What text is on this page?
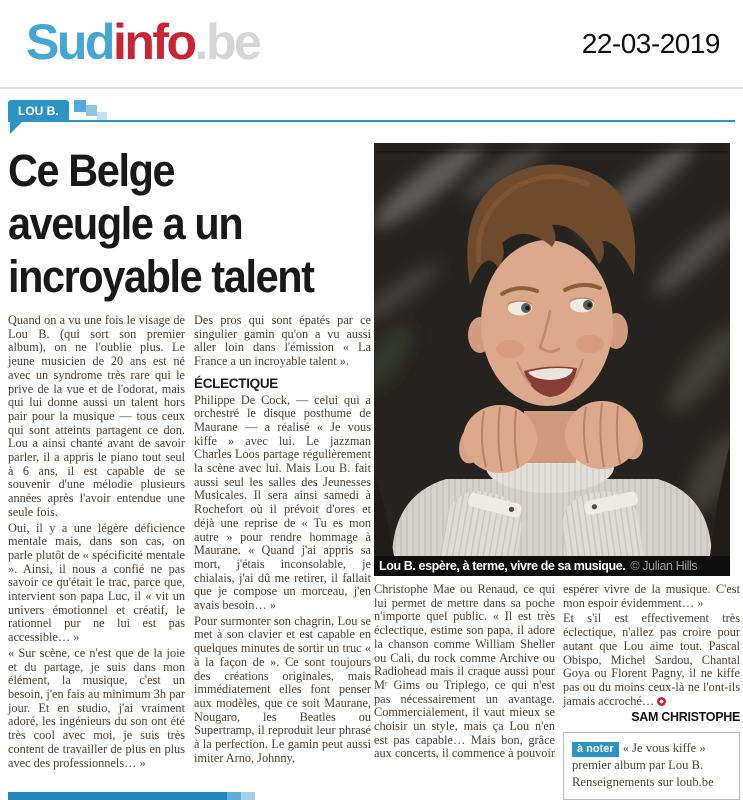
Sudinfo.be	22-03-2019
LOU B.
Ce Belge
aveugle a un
incroyable talent

Quand on a vu une fois le visage de Lou B. (qui sort son premier album), on ne l'oublie plus. Le jeune musicien de 20 ans est né avec un syndrome très rare qui le prive de la vue et de l'odorat, mais qui lui donne aussi un talent hors pair pour la musique — tous ceux qui sont atteints partagent ce don. Lou a ainsi chanté avant de savoir parler, il a appris le piano tout seul à 6 ans, il est capable de se souvenir d'une mélodie plusieurs années après l'avoir entendue une seule fois.

Oui, il y a une légère déficience mentale mais, dans son cas, on parle plutôt de « spécificité mentale ». Ainsi, il nous a confié ne pas savoir ce qu'était le trac, parce que, intervient son papa Luc, il « vit un univers émotionnel et créatif, le rationnel pur ne lui est pas accessible… »

« Sur scène, ce n'est que de la joie et du partage, je suis dans mon élément, la musique, c'est un besoin, j'en fais au minimum 3h par jour. Et en studio, j'ai vraiment adoré, les ingénieurs du son ont été très cool avec moi, je suis très content de travailler de plus en plus avec des professionnels… »

Des pros qui sont épatés par ce singulier gamin qu'on a vu aussi aller loin dans l'émission « La France a un incroyable talent ».

ÉCLECTIQUE

Philippe De Cock, — celui qui a orchestré le disque posthume de Maurane — a réalisé « Je vous kiffe » avec lui. Le jazzman Charles Loos partage régulièrement la scène avec lui. Mais Lou B. fait aussi seul les salles des Jeunesses Musicales. Il sera ainsi samedi à Rochefort où il prévoit d'ores et déjà une reprise de « Tu es mon autre » pour rendre hommage à Maurane. « Quand j'ai appris sa mort, j'étais inconsolable, je chialais, j'ai dû me retirer, il fallait que je compose un morceau, j'en avais besoin… »

Pour surmonter son chagrin, Lou se met à son clavier et est capable en quelques minutes de sortir un truc « à la façon de ». Ce sont toujours des créations originales, mais immédiatement elles font penser aux modèles, que ce soit Maurane, Nougaro, les Beatles ou Supertramp, il reproduit leur phrasé à la perfection. Le gamin peut aussi imiter Arno, Johnny,

Lou B. espère, à terme, vivre de sa musique. © Julian Hills

Christophe Mae ou Renaud, ce qui lui permet de mettre dans sa poche n'importe quel public. « Il est très éclectique, estime son papa, il adore la chanson comme William Sheller ou Cali, du rock comme Archive ou Radiohead mais il craque aussi pour Mʳ Gims ou Triplego, ce qui n'est pas nécessairement un avantage. Commercialement, il vaut mieux se choisir un style, mais ça Lou n'en est pas capable… Mais bon, grâce aux concerts, il commence à pouvoir

espérer vivre de la musique. C'est mon espoir évidemment… »

Et s'il est effectivement très éclectique, n'allez pas croire pour autant que Lou aime tout. Pascal Obispo, Michel Sardou, Chantal Goya ou Florent Pagny, il ne kiffe pas ou du moins ceux-là ne l'ont-ils jamais accroché…

SAM CHRISTOPHE
à noter « Je vous kiffe » premier album par Lou B. Renseignements sur loub.be
